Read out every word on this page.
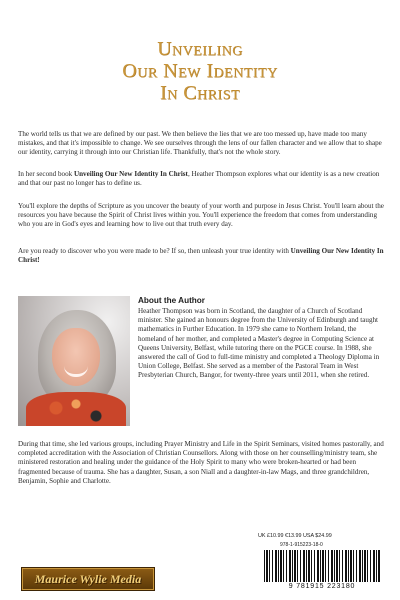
Unveiling
Our New Identity
In Christ

The world tells us that we are defined by our past. We then believe the lies that we are too messed up, have made too many mistakes, and that it's impossible to change. We see ourselves through the lens of our fallen character and we allow that to shape our identity, carrying it through into our Christian life. Thankfully, that's not the whole story.

In her second book Unveiling Our New Identity In Christ, Heather Thompson explores what our identity is as a new creation and that our past no longer has to define us.

You'll explore the depths of Scripture as you uncover the beauty of your worth and purpose in Jesus Christ. You'll learn about the resources you have because the Spirit of Christ lives within you. You'll experience the freedom that comes from understanding who you are in God's eyes and learning how to live out that truth every day.

Are you ready to discover who you were made to be? If so, then unleash your true identity with Unveiling Our New Identity In Christ!

About the Author

Heather Thompson was born in Scotland, the daughter of a Church of Scotland minister. She gained an honours degree from the University of Edinburgh and taught mathematics in Further Education. In 1979 she came to Northern Ireland, the homeland of her mother, and completed a Master's degree in Computing Science at Queens University, Belfast, while tutoring there on the PGCE course. In 1988, she answered the call of God to full-time ministry and completed a Theology Diploma in Union College, Belfast. She served as a member of the Pastoral Team in West Presbyterian Church, Bangor, for twenty-three years until 2011, when she retired.

During that time, she led various groups, including Prayer Ministry and Life in the Spirit Seminars, visited homes pastorally, and completed accreditation with the Association of Christian Counsellors. Along with those on her counselling/ministry team, she ministered restoration and healing under the guidance of the Holy Spirit to many who were broken-hearted or had been fragmented because of trauma. She has a daughter, Susan, a son Niall and a daughter-in-law Mags, and three grandchildren, Benjamin, Sophie and Charlotte.

UK £10.99 €13.99 USA $24.99
978-1-915223-18-0
9 781915 223180
Maurice Wylie Media
